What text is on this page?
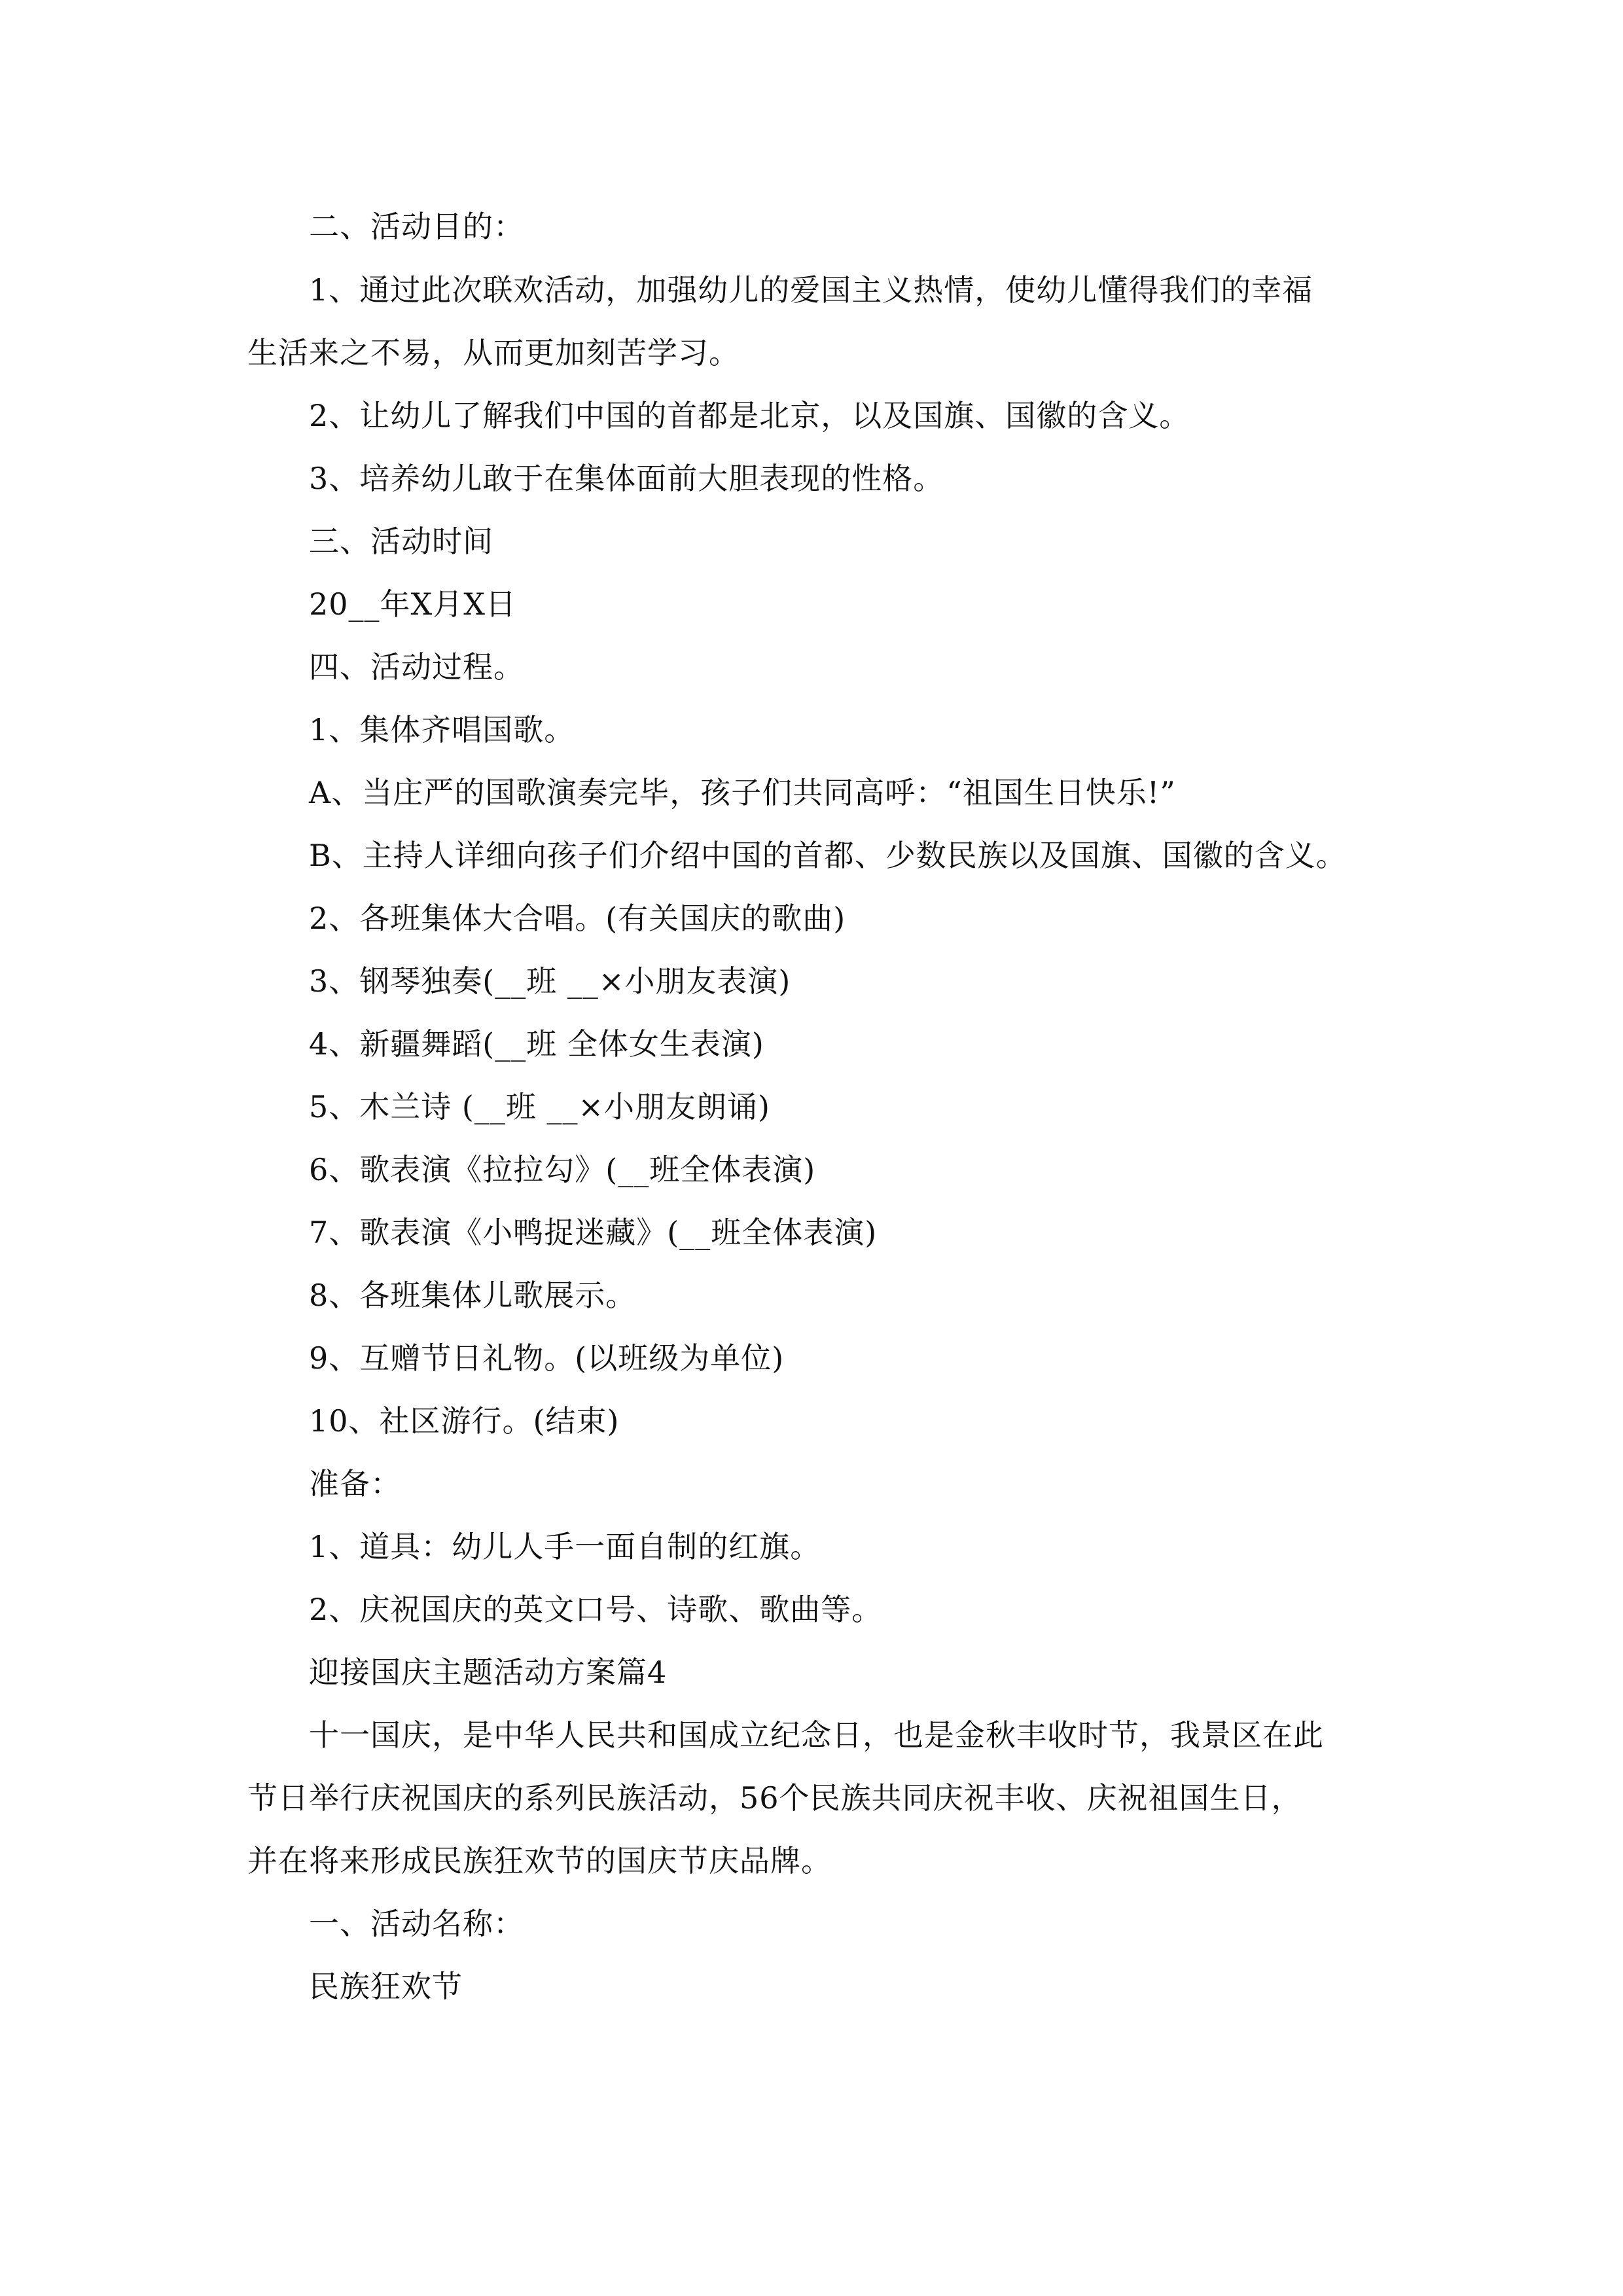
二、活动目的：
1、通过此次联欢活动，加强幼儿的爱国主义热情，使幼儿懂得我们的幸福
生活来之不易，从而更加刻苦学习。
2、让幼儿了解我们中国的首都是北京，以及国旗、国徽的含义。
3、培养幼儿敢于在集体面前大胆表现的性格。
三、活动时间
20__年X月X日
四、活动过程。
1、集体齐唱国歌。
A、当庄严的国歌演奏完毕，孩子们共同高呼：“祖国生日快乐!”
B、主持人详细向孩子们介绍中国的首都、少数民族以及国旗、国徽的含义。
2、各班集体大合唱。(有关国庆的歌曲)
3、钢琴独奏(__班 __×小朋友表演)
4、新疆舞蹈(__班 全体女生表演)
5、木兰诗 (__班 __×小朋友朗诵)
6、歌表演《拉拉勾》(__班全体表演)
7、歌表演《小鸭捉迷藏》(__班全体表演)
8、各班集体儿歌展示。
9、互赠节日礼物。(以班级为单位)
10、社区游行。(结束)
准备：
1、道具：幼儿人手一面自制的红旗。
2、庆祝国庆的英文口号、诗歌、歌曲等。
迎接国庆主题活动方案篇4
十一国庆，是中华人民共和国成立纪念日，也是金秋丰收时节，我景区在此
节日举行庆祝国庆的系列民族活动，56个民族共同庆祝丰收、庆祝祖国生日，
并在将来形成民族狂欢节的国庆节庆品牌。
一、活动名称：
民族狂欢节
